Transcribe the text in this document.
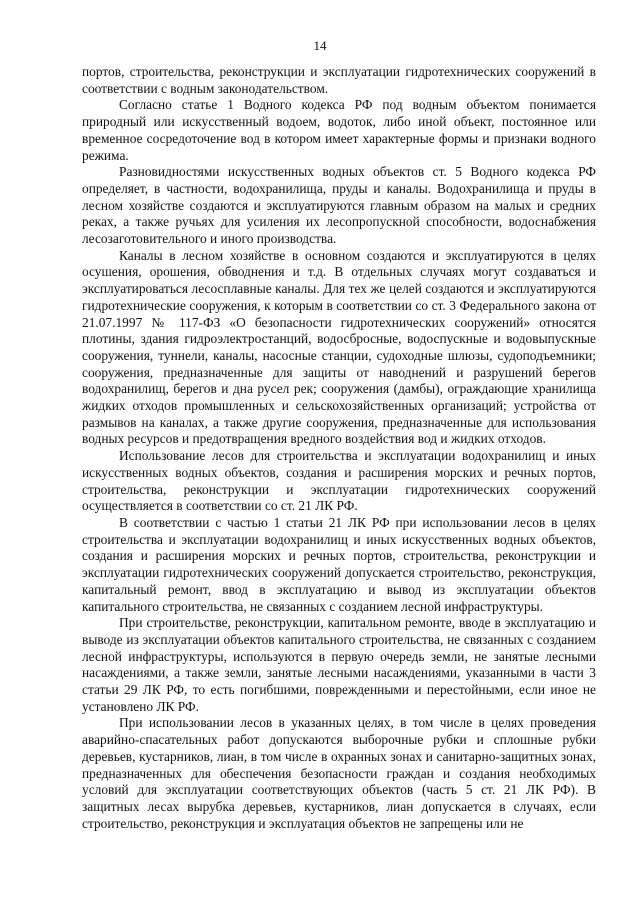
14

портов, строительства, реконструкции и эксплуатации гидротехнических сооружений в соответствии с водным законодательством.

Согласно статье 1 Водного кодекса РФ под водным объектом понимается природный или искусственный водоем, водоток, либо иной объект, постоянное или временное сосредоточение вод в котором имеет характерные формы и признаки водного режима.

Разновидностями искусственных водных объектов ст. 5 Водного кодекса РФ определяет, в частности, водохранилища, пруды и каналы. Водохранилища и пруды в лесном хозяйстве создаются и эксплуатируются главным образом на малых и средних реках, а также ручьях для усиления их лесопропускной способности, водоснабжения лесозаготовительного и иного производства.

Каналы в лесном хозяйстве в основном создаются и эксплуатируются в целях осушения, орошения, обводнения и т.д. В отдельных случаях могут создаваться и эксплуатироваться лесосплавные каналы. Для тех же целей создаются и эксплуатируются гидротехнические сооружения, к которым в соответствии со ст. 3 Федерального закона от 21.07.1997 № 117-ФЗ «О безопасности гидротехнических сооружений» относятся плотины, здания гидроэлектростанций, водосбросные, водоспускные и водовыпускные сооружения, туннели, каналы, насосные станции, судоходные шлюзы, судоподъемники; сооружения, предназначенные для защиты от наводнений и разрушений берегов водохранилищ, берегов и дна русел рек; сооружения (дамбы), ограждающие хранилища жидких отходов промышленных и сельскохозяйственных организаций; устройства от размывов на каналах, а также другие сооружения, предназначенные для использования водных ресурсов и предотвращения вредного воздействия вод и жидких отходов.

Использование лесов для строительства и эксплуатации водохранилищ и иных искусственных водных объектов, создания и расширения морских и речных портов, строительства, реконструкции и эксплуатации гидротехнических сооружений осуществляется в соответствии со ст. 21 ЛК РФ.

В соответствии с частью 1 статьи 21 ЛК РФ при использовании лесов в целях строительства и эксплуатации водохранилищ и иных искусственных водных объектов, создания и расширения морских и речных портов, строительства, реконструкции и эксплуатации гидротехнических сооружений допускается строительство, реконструкция, капитальный ремонт, ввод в эксплуатацию и вывод из эксплуатации объектов капитального строительства, не связанных с созданием лесной инфраструктуры.

При строительстве, реконструкции, капитальном ремонте, вводе в эксплуатацию и выводе из эксплуатации объектов капитального строительства, не связанных с созданием лесной инфраструктуры, используются в первую очередь земли, не занятые лесными насаждениями, а также земли, занятые лесными насаждениями, указанными в части 3 статьи 29 ЛК РФ, то есть погибшими, поврежденными и перестойными, если иное не установлено ЛК РФ.

При использовании лесов в указанных целях, в том числе в целях проведения аварийно-спасательных работ допускаются выборочные рубки и сплошные рубки деревьев, кустарников, лиан, в том числе в охранных зонах и санитарно-защитных зонах, предназначенных для обеспечения безопасности граждан и создания необходимых условий для эксплуатации соответствующих объектов (часть 5 ст. 21 ЛК РФ). В защитных лесах вырубка деревьев, кустарников, лиан допускается в случаях, если строительство, реконструкция и эксплуатация объектов не запрещены или не
